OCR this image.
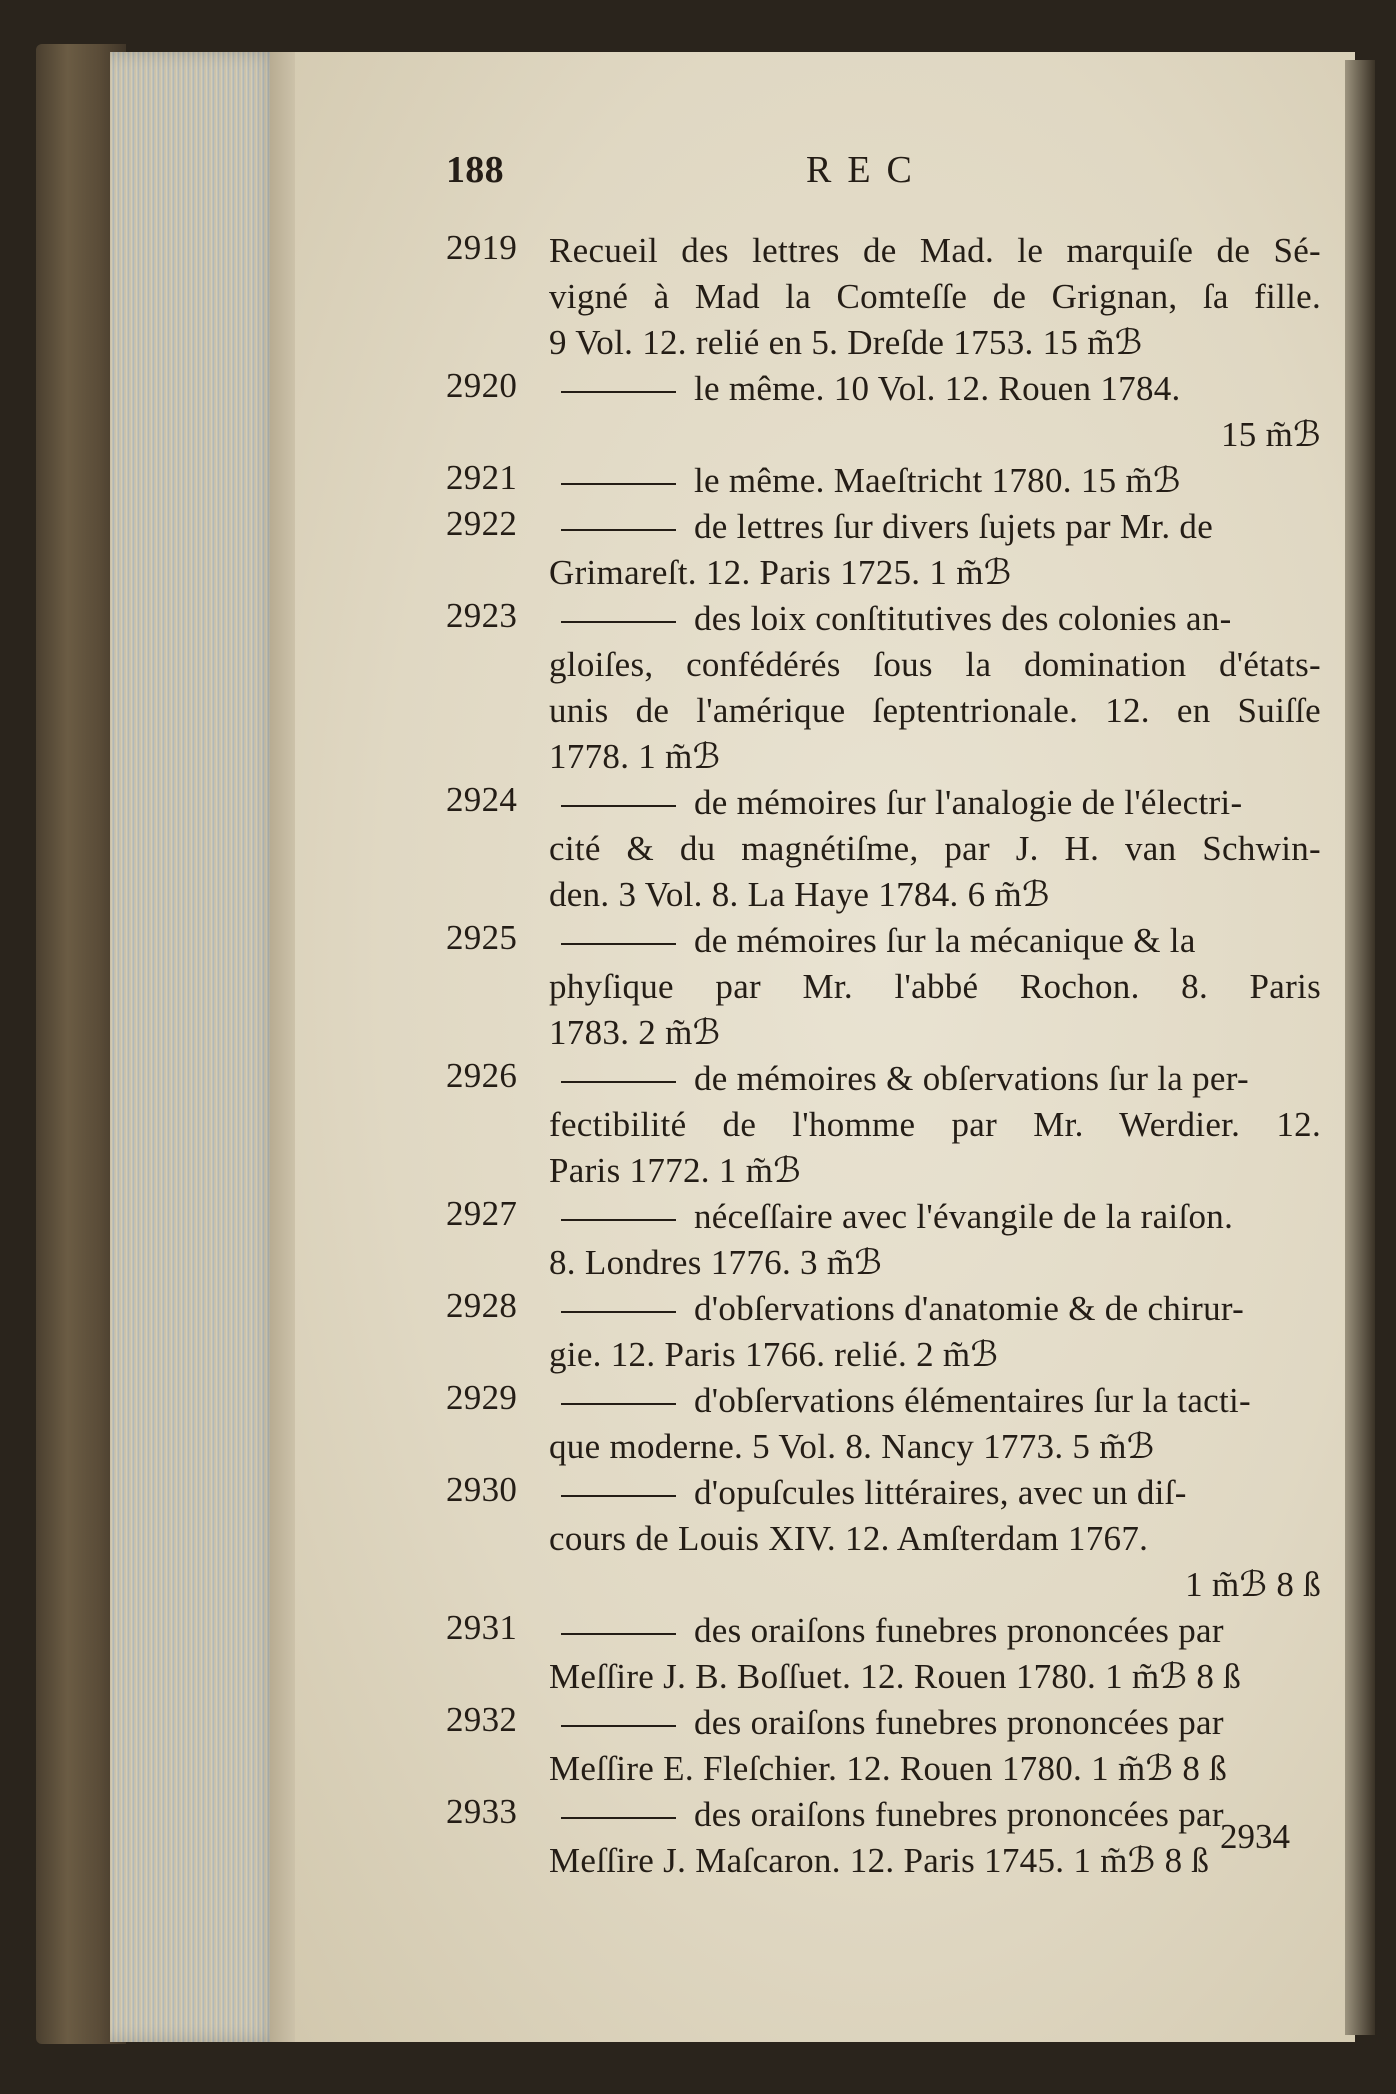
188	REC
2919 Recueil des lettres de Mad. le marquiſe de Sé-
vigné à Mad la Comteſſe de Grignan, ſa fille.
9 Vol. 12. relié en 5. Dreſde 1753. 15 m̃ℬ
2920	le même. 10 Vol. 12. Rouen 1784.
15 m̃ℬ
2921	le même. Maeſtricht 1780. 15 m̃ℬ
2922	de lettres ſur divers ſujets par Mr. de
Grimareſt. 12. Paris 1725. 1 m̃ℬ
2923	des loix conſtitutives des colonies an-
gloiſes, confédérés ſous la domination d'états-
unis de l'amérique ſeptentrionale. 12. en Suiſſe
1778. 1 m̃ℬ
2924	de mémoires ſur l'analogie de l'électri-
cité & du magnétiſme, par J. H. van Schwin-
den. 3 Vol. 8. La Haye 1784. 6 m̃ℬ
2925	de mémoires ſur la mécanique & la
phyſique par Mr. l'abbé Rochon. 8. Paris
1783. 2 m̃ℬ
2926	de mémoires & obſervations ſur la per-
fectibilité de l'homme par Mr. Werdier. 12.
Paris 1772. 1 m̃ℬ
2927	néceſſaire avec l'évangile de la raiſon.
8. Londres 1776. 3 m̃ℬ
2928	d'obſervations d'anatomie & de chirur-
gie. 12. Paris 1766. relié. 2 m̃ℬ
2929	d'obſervations élémentaires ſur la tacti-
que moderne. 5 Vol. 8. Nancy 1773. 5 m̃ℬ
2930	d'opuſcules littéraires, avec un diſ-
cours de Louis XIV. 12. Amſterdam 1767.
1 m̃ℬ 8 ß
2931	des oraiſons funebres prononcées par
Meſſire J. B. Boſſuet. 12. Rouen 1780. 1 m̃ℬ 8 ß
2932	des oraiſons funebres prononcées par
Meſſire E. Fleſchier. 12. Rouen 1780. 1 m̃ℬ 8 ß
2933	des oraiſons funebres prononcées par
Meſſire J. Maſcaron. 12. Paris 1745. 1 m̃ℬ 8 ß
2934
